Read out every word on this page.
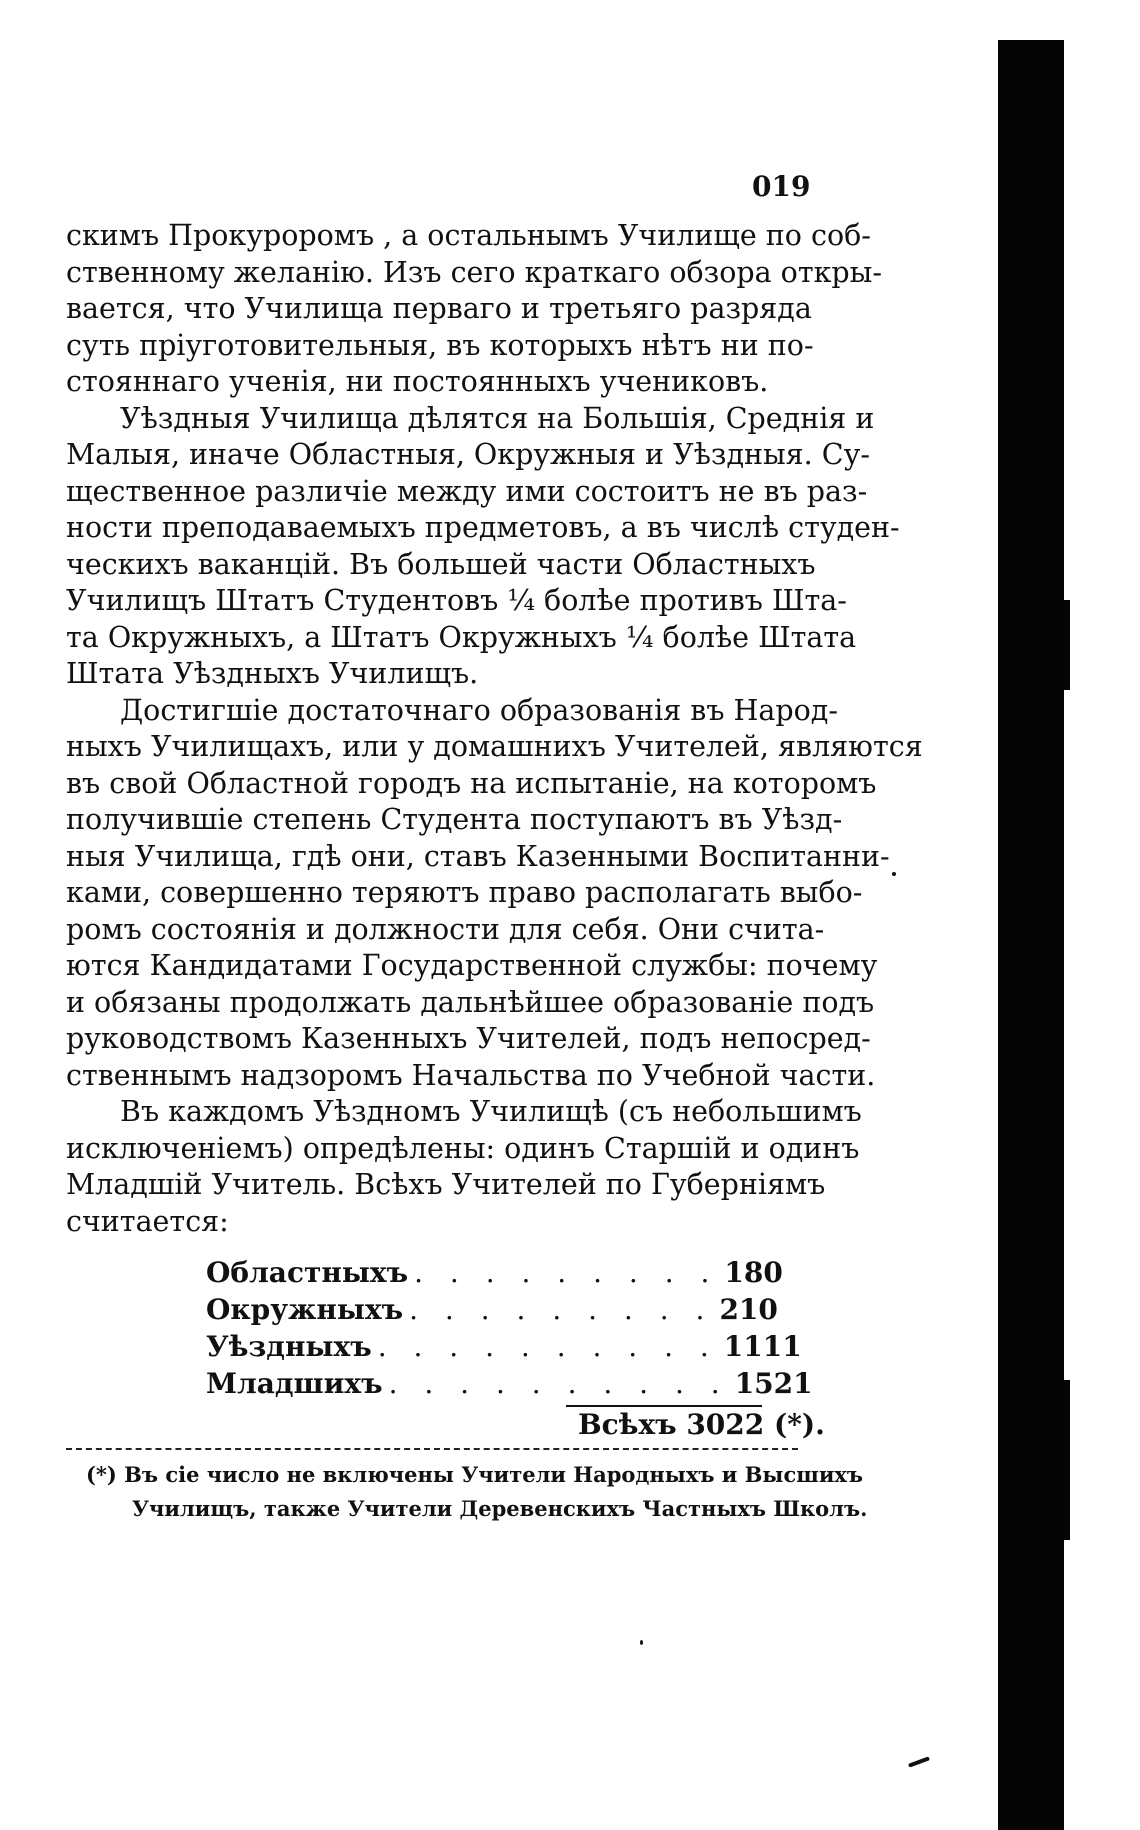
019
скимъ Прокуроромъ , а остальнымъ Училище по соб-
ственному желанію. Изъ сего краткаго обзора откры-
вается, что Училища перваго и третьяго разряда
суть пріуготовительныя, въ которыхъ нѣтъ ни по-
стояннаго ученія, ни постоянныхъ учениковъ.
Уѣздныя Училища дѣлятся на Большія, Среднія и
Малыя, иначе Областныя, Окружныя и Уѣздныя. Су-
щественное различіе между ими состоитъ не въ раз-
ности преподаваемыхъ предметовъ, а въ числѣ студен-
ческихъ ваканцій. Въ большей части Областныхъ
Училищъ Штатъ Студентовъ ¼ болѣе противъ Шта-
та Окружныхъ, а Штатъ Окружныхъ ¼ болѣе Штата
Штата Уѣздныхъ Училищъ.
Достигшіе достаточнаго образованія въ Народ-
ныхъ Училищахъ, или у домашнихъ Учителей, являются
въ свой Областной городъ на испытаніе, на которомъ
получившіе степень Студента поступаютъ въ Уѣзд-
ныя Училища, гдѣ они, ставъ Казенными Воспитанни-
ками, совершенно теряютъ право располагать выбо-
ромъ состоянія и должности для себя. Они счита-
ются Кандидатами Государственной службы: почему
и обязаны продолжать дальнѣйшее образованіе подъ
руководствомъ Казенныхъ Учителей, подъ непосред-
ственнымъ надзоромъ Начальства по Учебной части.
Въ каждомъ Уѣздномъ Училищѣ (съ небольшимъ
исключеніемъ) опредѣлены: одинъ Старшій и одинъ
Младшій Учитель. Всѣхъ Учителей по Губерніямъ
считается:
Областныхъ . . . . . . . . . 180
Окружныхъ . . . . . . . . . 210
Уѣздныхъ . . . . . . . . . . 1111
Младшихъ . . . . . . . . . . 1521
Всѣхъ 3022 (*).
(*) Въ сіе число не включены Учители Народныхъ и Высшихъ
Училищъ, также Учители Деревенскихъ Частныхъ Школъ.
